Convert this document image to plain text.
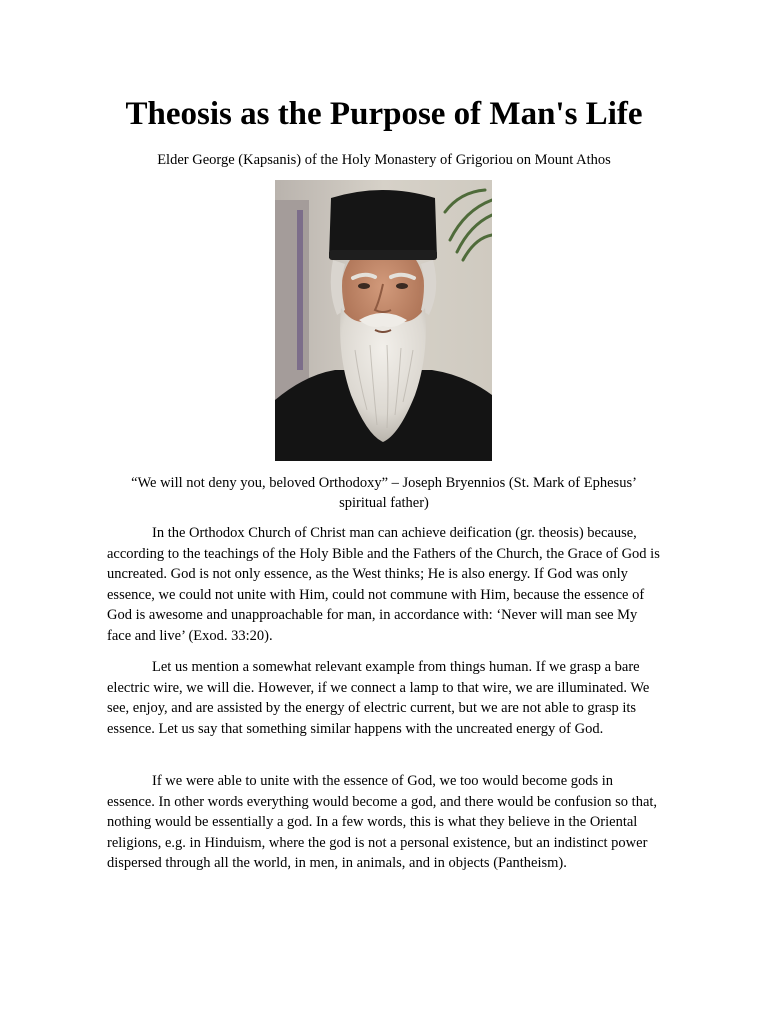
Theosis as the Purpose of Man's Life

Elder George (Kapsanis) of the Holy Monastery of Grigoriou on Mount Athos

“We will not deny you, beloved Orthodoxy” – Joseph Bryennios (St. Mark of Ephesus’ spiritual father)

In the Orthodox Church of Christ man can achieve deification (gr. theosis) because, according to the teachings of the Holy Bible and the Fathers of the Church, the Grace of God is uncreated. God is not only essence, as the West thinks; He is also energy. If God was only essence, we could not unite with Him, could not commune with Him, because the essence of God is awesome and unapproachable for man, in accordance with: ‘Never will man see My face and live’ (Exod. 33:20).

Let us mention a somewhat relevant example from things human. If we grasp a bare electric wire, we will die. However, if we connect a lamp to that wire, we are illuminated. We see, enjoy, and are assisted by the energy of electric current, but we are not able to grasp its essence. Let us say that something similar happens with the uncreated energy of God.

If we were able to unite with the essence of God, we too would become gods in essence. In other words everything would become a god, and there would be confusion so that, nothing would be essentially a god. In a few words, this is what they believe in the Oriental religions, e.g. in Hinduism, where the god is not a personal existence, but an indistinct power dispersed through all the world, in men, in animals, and in objects (Pantheism).
